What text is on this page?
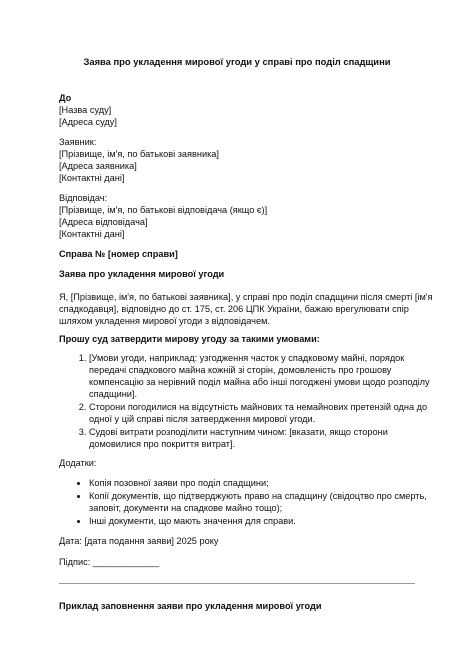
Заява про укладення мирової угоди у справі про поділ спадщини
До
[Назва суду]
[Адреса суду]
Заявник:
[Прізвище, ім'я, по батькові заявника]
[Адреса заявника]
[Контактні дані]
Відповідач:
[Прізвище, ім'я, по батькові відповідача (якщо є)]
[Адреса відповідача]
[Контактні дані]
Справа № [номер справи]
Заява про укладення мирової угоди
Я, [Прізвище, ім'я, по батькові заявника], у справі про поділ спадщини після смерті [ім'я
спадкодавця], відповідно до ст. 175, ст. 206 ЦПК України, бажаю врегулювати спір
шляхом укладення мирової угоди з відповідачем.
Прошу суд затвердити мирову угоду за такими умовами:
1. [Умови угоди, наприклад: узгодження часток у спадковому майні, порядок
передачі спадкового майна кожній зі сторін, домовленість про грошову
компенсацію за нерівний поділ майна або інші погоджені умови щодо розподілу
спадщини].
2. Сторони погодилися на відсутність майнових та немайнових претензій одна до
одної у цій справі після затвердження мирової угоди.
3. Судові витрати розподілити наступним чином: [вказати, якщо сторони
домовилися про покриття витрат].
Додатки:
• Копія позовної заяви про поділ спадщини;
• Копії документів, що підтверджують право на спадщину (свідоцтво про смерть,
заповіт, документи на спадкове майно тощо);
• Інші документи, що мають значення для справи.
Дата: [дата подання заяви] 2025 року
Підпис: _____________
Приклад заповнення заяви про укладення мирової угоди
